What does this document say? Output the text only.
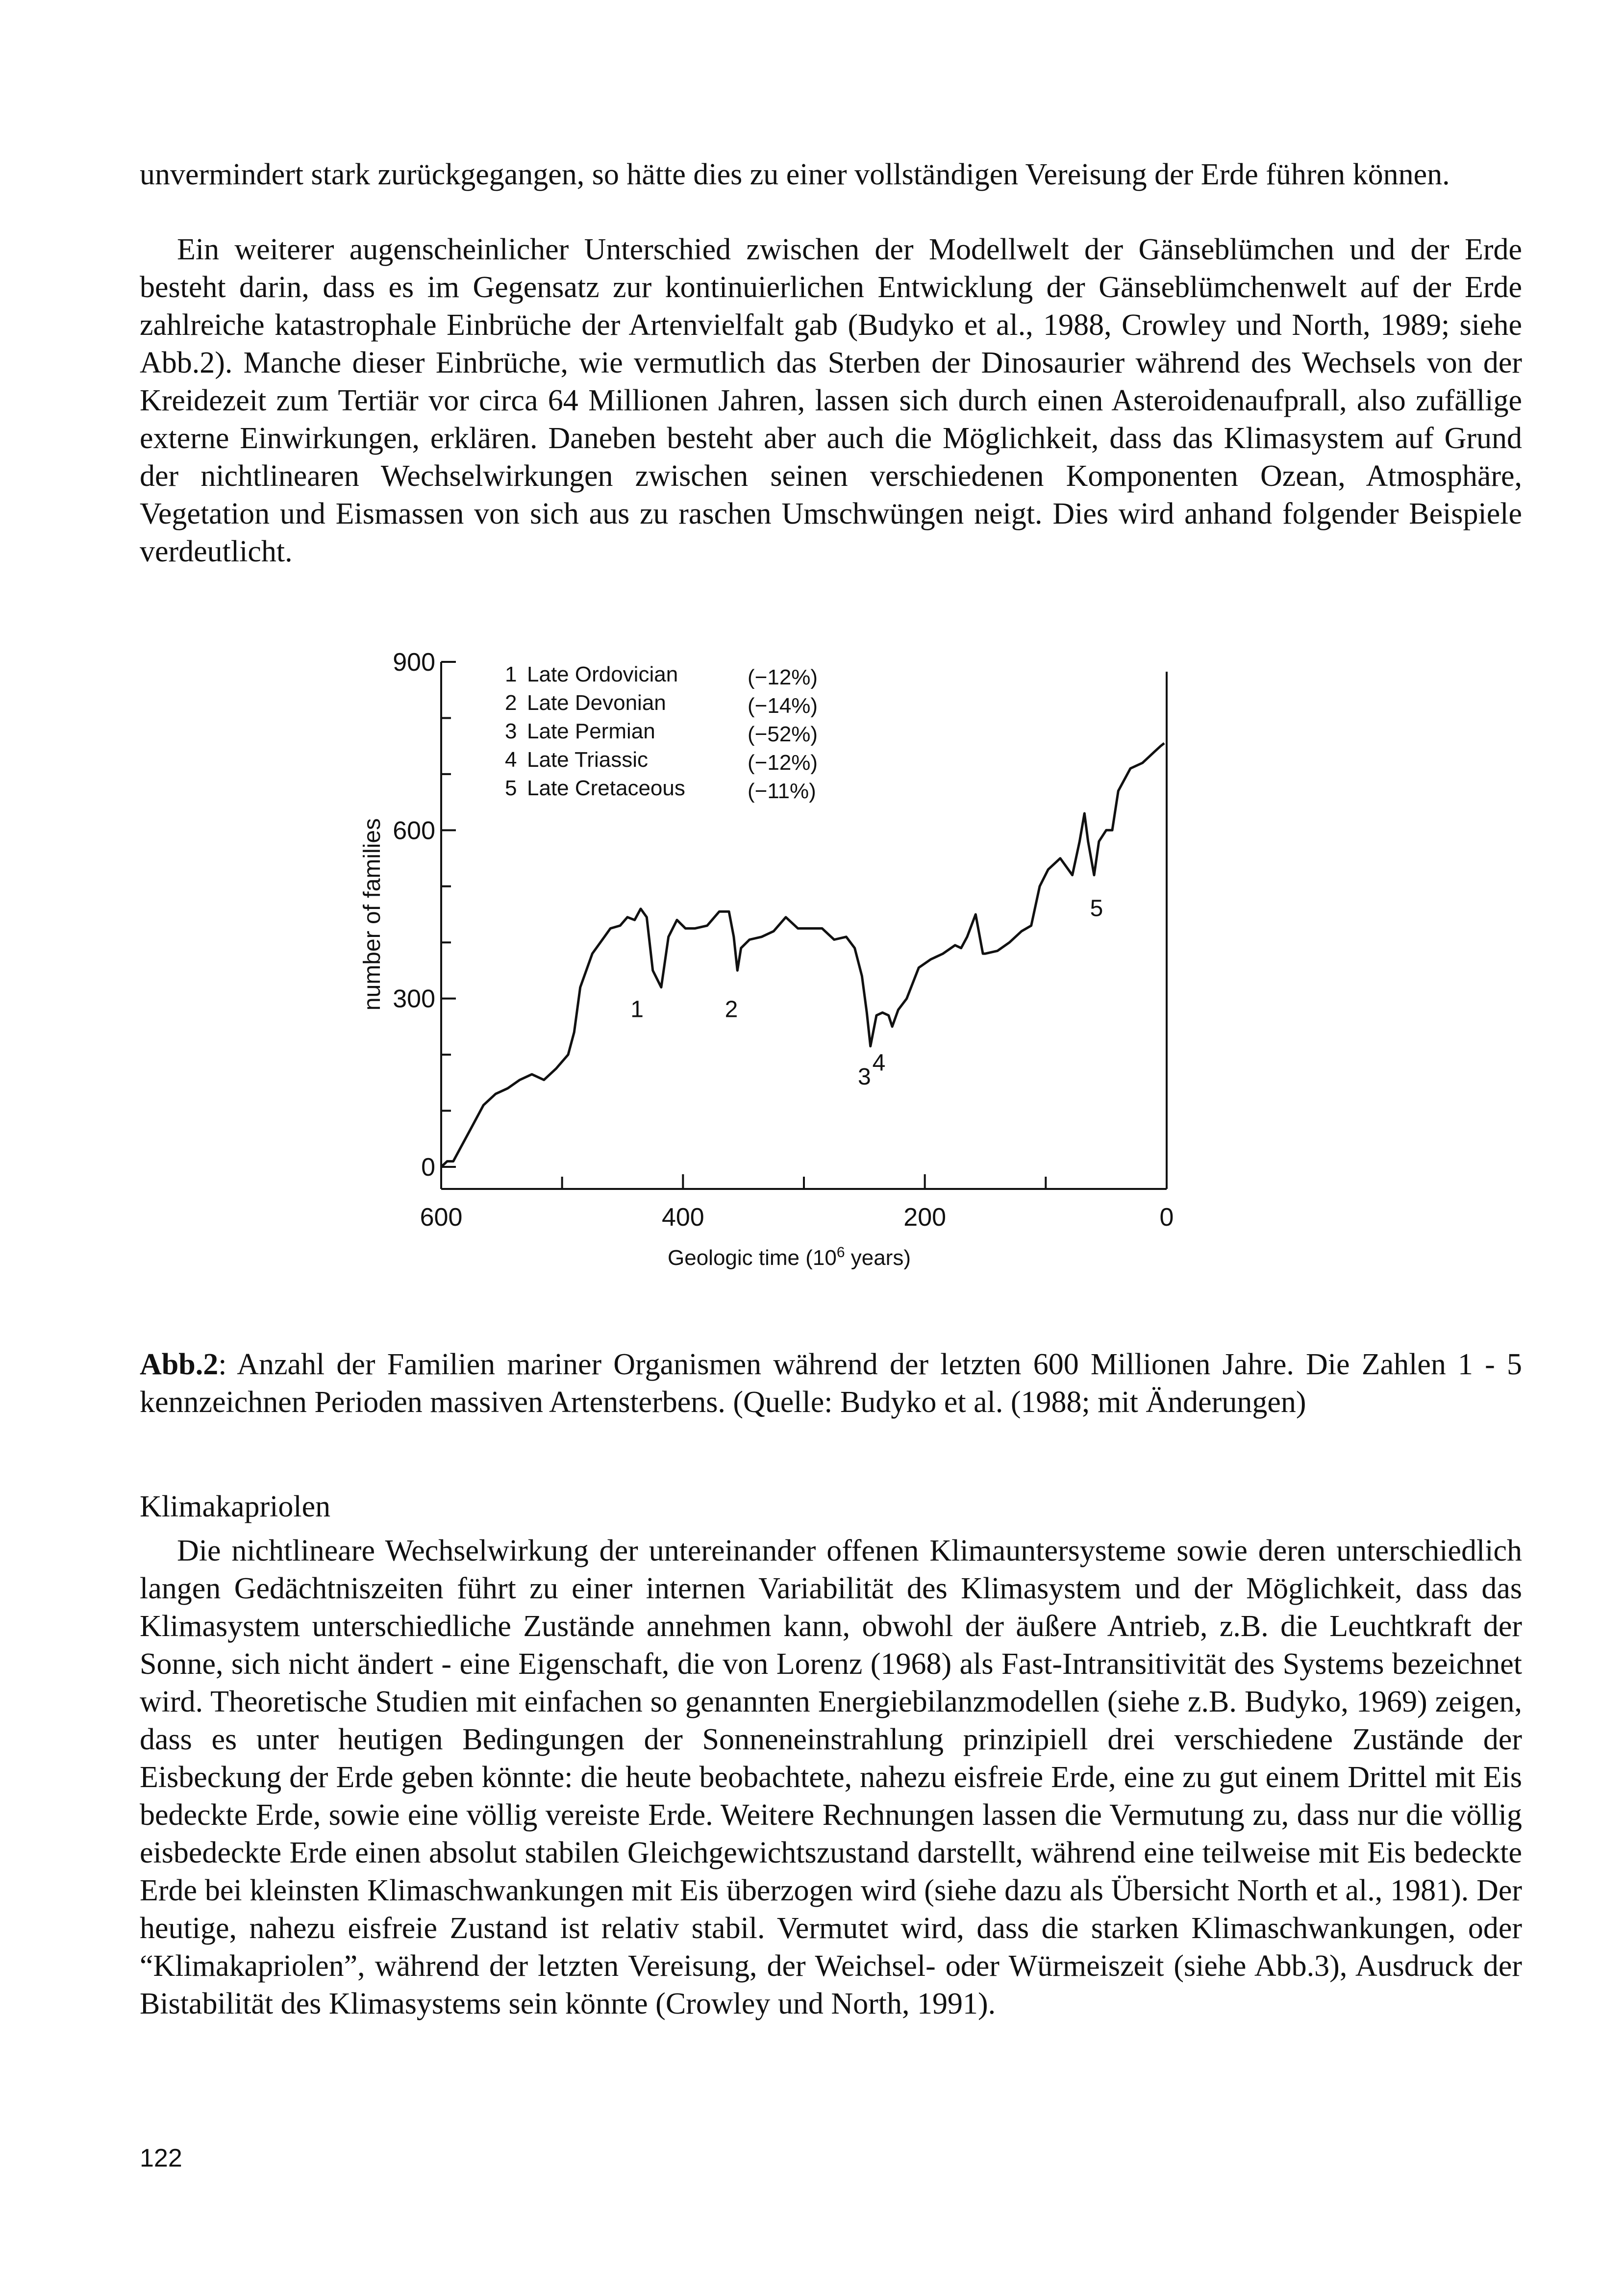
unvermindert stark zurückgegangen, so hätte dies zu einer vollständigen Vereisung der Erde führen können.

Ein weiterer augenscheinlicher Unterschied zwischen der Modellwelt der Gänseblümchen und der Erde besteht darin, dass es im Gegensatz zur kontinuierlichen Entwicklung der Gänseblümchenwelt auf der Erde zahlreiche katastrophale Einbrüche der Artenvielfalt gab (Budyko et al., 1988, Crowley und North, 1989; siehe Abb.2). Manche dieser Einbrüche, wie vermutlich das Sterben der Dinosaurier während des Wechsels von der Kreidezeit zum Tertiär vor circa 64 Millionen Jahren, lassen sich durch einen Asteroidenaufprall, also zufällige externe Einwirkungen, erklären. Daneben besteht aber auch die Möglichkeit, dass das Klimasystem auf Grund der nichtlinearen Wechselwirkungen zwischen seinen verschiedenen Komponenten Ozean, Atmosphäre, Vegetation und Eismassen von sich aus zu raschen Umschwüngen neigt. Dies wird anhand folgender Beispiele verdeutlicht.

0
300
600
900
600	400	200	0
number of families
Geologic time ($10^6$ years)
1 Late Ordovician	(−12%)
2 Late Devonian	(−14%)
3 Late Permian	(−52%)
4 Late Triassic	(−12%)
5 Late Cretaceous	(−11%)
1	2
3
4
5

Abb.2: Anzahl der Familien mariner Organismen während der letzten 600 Millionen Jahre. Die Zahlen 1 - 5 kennzeichnen Perioden massiven Artensterbens. (Quelle: Budyko et al. (1988; mit Änderungen)

Klimakapriolen

Die nichtlineare Wechselwirkung der untereinander offenen Klimauntersysteme sowie deren unterschiedlich langen Gedächtniszeiten führt zu einer internen Variabilität des Klimasystem und der Möglichkeit, dass das Klimasystem unterschiedliche Zustände annehmen kann, obwohl der äußere Antrieb, z.B. die Leuchtkraft der Sonne, sich nicht ändert - eine Eigenschaft, die von Lorenz (1968) als Fast-Intransitivität des Systems bezeichnet wird. Theoretische Studien mit einfachen so genannten Energiebilanzmodellen (siehe z.B. Budyko, 1969) zeigen, dass es unter heutigen Bedingungen der Sonneneinstrahlung prinzipiell drei verschiedene Zustände der Eisbeckung der Erde geben könnte: die heute beobachtete, nahezu eisfreie Erde, eine zu gut einem Drittel mit Eis bedeckte Erde, sowie eine völlig vereiste Erde. Weitere Rechnungen lassen die Vermutung zu, dass nur die völlig eisbedeckte Erde einen absolut stabilen Gleichgewichtszustand darstellt, während eine teilweise mit Eis bedeckte Erde bei kleinsten Klimaschwankungen mit Eis überzogen wird (siehe dazu als Übersicht North et al., 1981). Der heutige, nahezu eisfreie Zustand ist relativ stabil. Vermutet wird, dass die starken Klimaschwankungen, oder “Klimakapriolen”, während der letzten Vereisung, der Weichsel- oder Würmeiszeit (siehe Abb.3), Ausdruck der Bistabilität des Klimasystems sein könnte (Crowley und North, 1991).

122
